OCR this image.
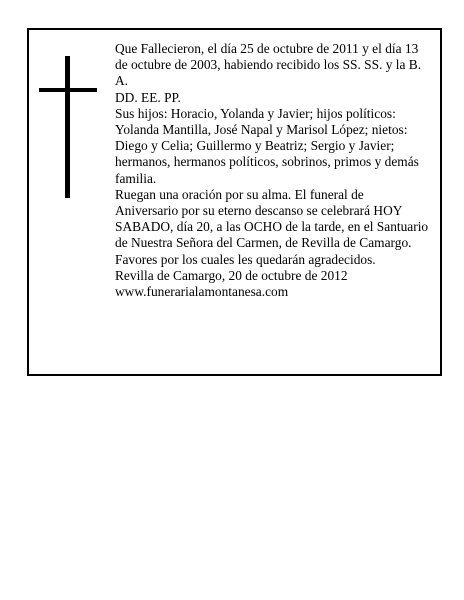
Que Fallecieron, el día 25 de octubre de 2011 y el día 13 de octubre de 2003, habiendo recibido los SS. SS. y la B. A.

DD. EE. PP.

Sus hijos: Horacio, Yolanda y Javier; hijos políticos: Yolanda Mantilla, José Napal y Marisol López; nietos: Diego y Celia; Guillermo y Beatriz; Sergio y Javier; hermanos, hermanos políticos, sobrinos, primos y demás familia.

Ruegan una oración por su alma. El funeral de Aniversario por su eterno descanso se celebrará HOY SABADO, día 20, a las OCHO de la tarde, en el Santuario de Nuestra Señora del Carmen, de Revilla de Camargo. Favores por los cuales les quedarán agradecidos.

Revilla de Camargo, 20 de octubre de 2012

www.funerarialamontanesa.com
